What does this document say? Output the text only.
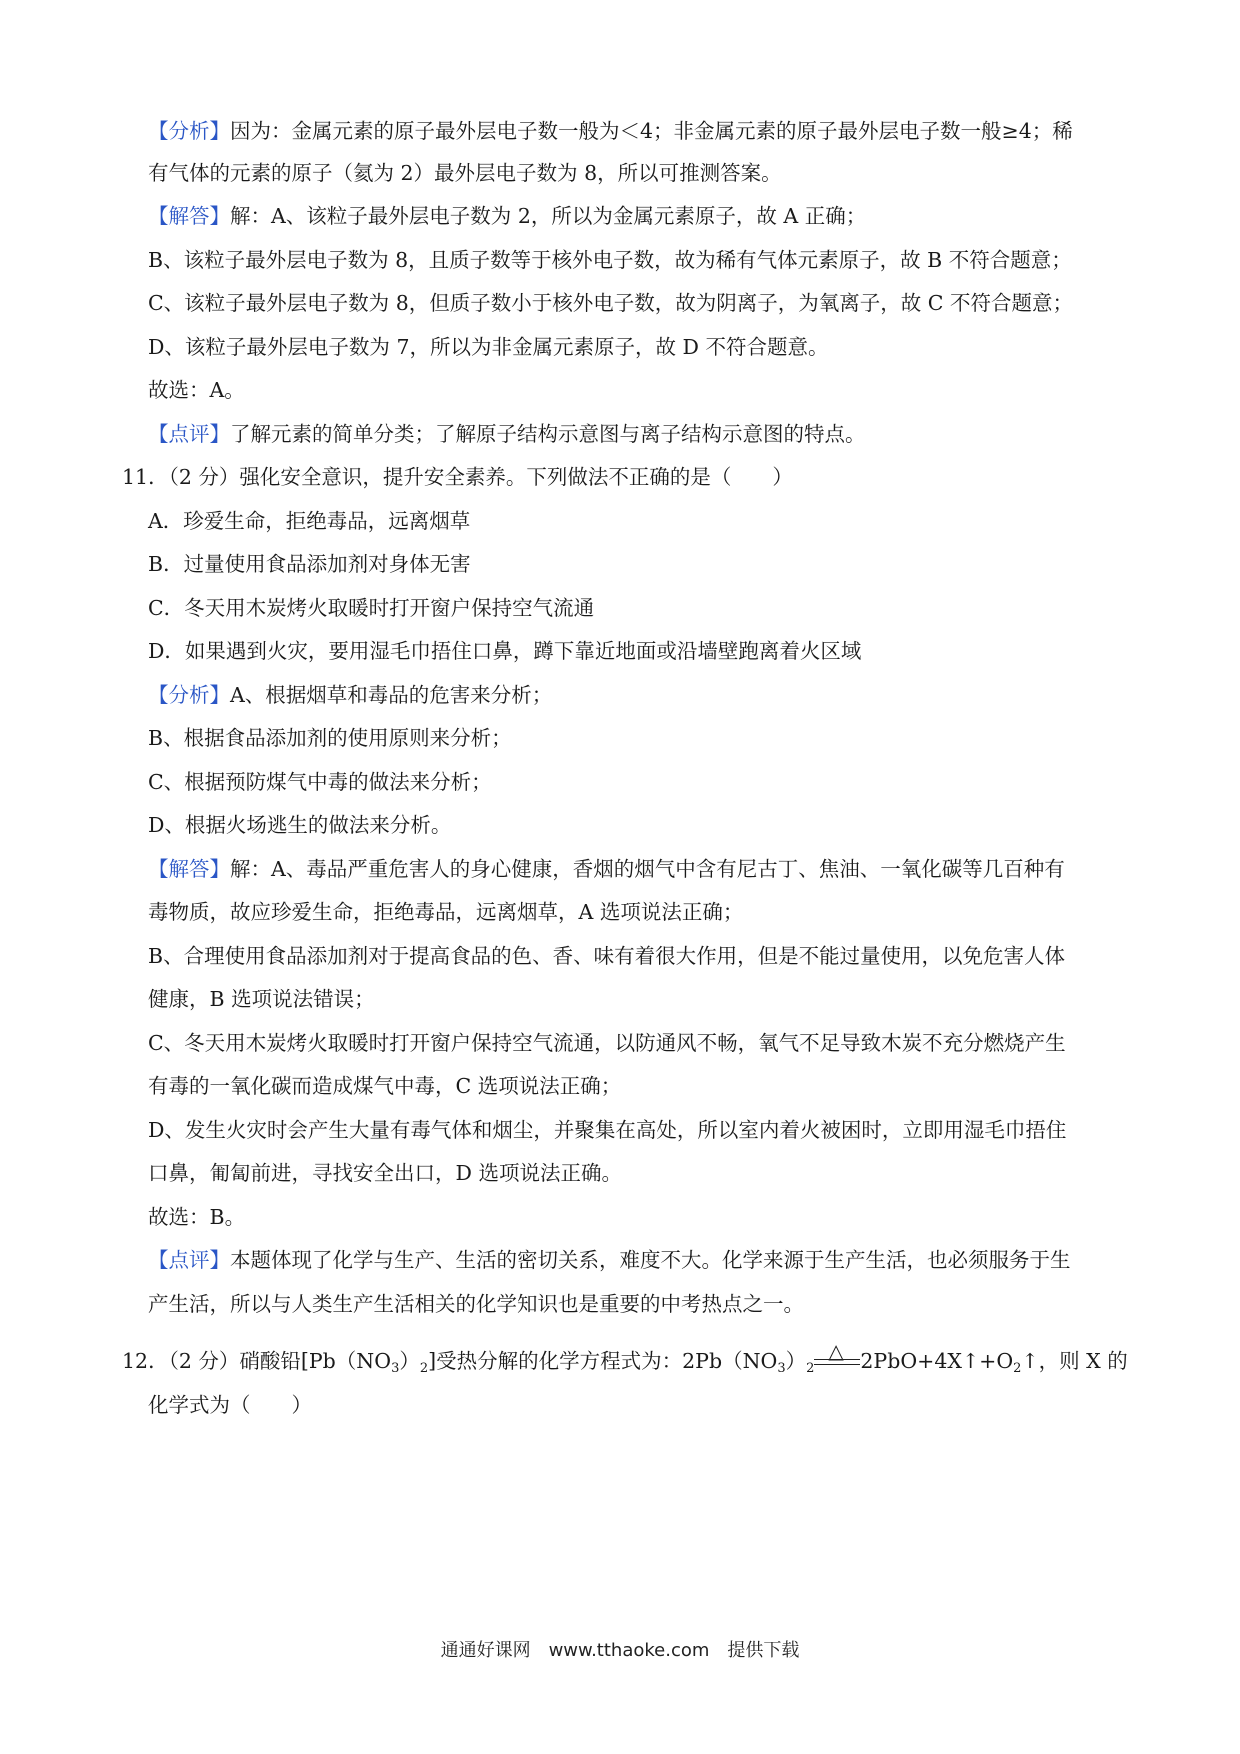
【分析】因为：金属元素的原子最外层电子数一般为＜4；非金属元素的原子最外层电子数一般≥4；稀
有气体的元素的原子（氦为 2）最外层电子数为 8，所以可推测答案。
【解答】解：A、该粒子最外层电子数为 2，所以为金属元素原子，故 A 正确；
B、该粒子最外层电子数为 8，且质子数等于核外电子数，故为稀有气体元素原子，故 B 不符合题意；
C、该粒子最外层电子数为 8，但质子数小于核外电子数，故为阴离子，为氧离子，故 C 不符合题意；
D、该粒子最外层电子数为 7，所以为非金属元素原子，故 D 不符合题意。
故选：A。
【点评】了解元素的简单分类；了解原子结构示意图与离子结构示意图的特点。
11．（2 分）强化安全意识，提升安全素养。下列做法不正确的是（　　）
A．珍爱生命，拒绝毒品，远离烟草
B．过量使用食品添加剂对身体无害
C．冬天用木炭烤火取暖时打开窗户保持空气流通
D．如果遇到火灾，要用湿毛巾捂住口鼻，蹲下靠近地面或沿墙壁跑离着火区域
【分析】A、根据烟草和毒品的危害来分析；
B、根据食品添加剂的使用原则来分析；
C、根据预防煤气中毒的做法来分析；
D、根据火场逃生的做法来分析。
【解答】解：A、毒品严重危害人的身心健康，香烟的烟气中含有尼古丁、焦油、一氧化碳等几百种有
毒物质，故应珍爱生命，拒绝毒品，远离烟草，A 选项说法正确；
B、合理使用食品添加剂对于提高食品的色、香、味有着很大作用，但是不能过量使用，以免危害人体
健康，B 选项说法错误；
C、冬天用木炭烤火取暖时打开窗户保持空气流通，以防通风不畅，氧气不足导致木炭不充分燃烧产生
有毒的一氧化碳而造成煤气中毒，C 选项说法正确；
D、发生火灾时会产生大量有毒气体和烟尘，并聚集在高处，所以室内着火被困时，立即用湿毛巾捂住
口鼻，匍匐前进，寻找安全出口，D 选项说法正确。
故选：B。
【点评】本题体现了化学与生产、生活的密切关系，难度不大。化学来源于生产生活，也必须服务于生
产生活，所以与人类生产生活相关的化学知识也是重要的中考热点之一。
12．（2 分）硝酸铅$[Pb(NO_3)_2]$受热分解的化学方程式为：$2Pb(NO_3)_2$
△ $2PbO+4X↑+O_2↑$，则 X 的
化学式为（　　）
通通好课网　www.tthaoke.com　提供下载
